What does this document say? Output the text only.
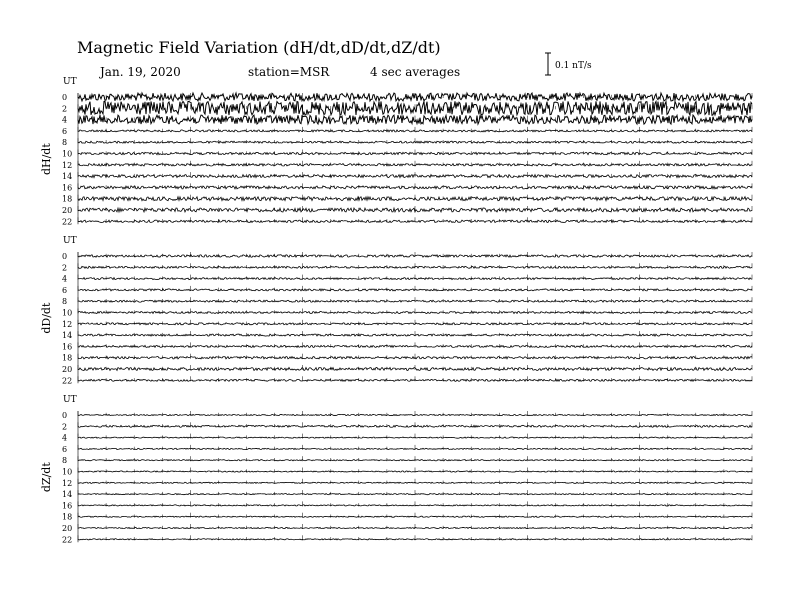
Magnetic Field Variation (dH/dt,dD/dt,dZ/dt)
Jan. 19, 2020	station=MSR	4 sec averages	0.1 nT/s
UT
dH/dt
0
2
4
6
8
10
12
14
16
18
20
22
UT
dD/dt
0
2
4
6
8
10
12
14
16
18
20
22
UT
dZ/dt
0
2
4
6
8
10
12
14
16
18
20
22
